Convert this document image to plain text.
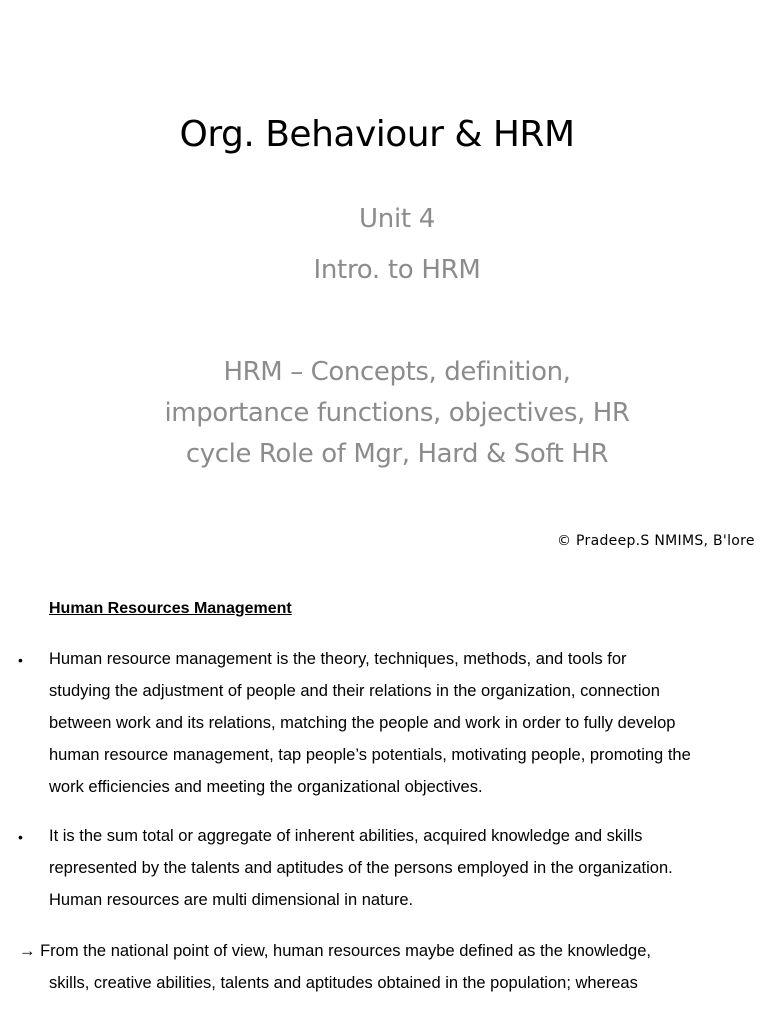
Org. Behaviour & HRM
Unit 4
Intro. to HRM
HRM – Concepts, definition,
importance functions, objectives, HR
cycle Role of Mgr, Hard & Soft HR
© Pradeep.S NMIMS, B'lore
Human Resources Management
• Human resource management is the theory, techniques, methods, and tools for
studying the adjustment of people and their relations in the organization, connection
between work and its relations, matching the people and work in order to fully develop
human resource management, tap people’s potentials, motivating people, promoting the
work efficiencies and meeting the organizational objectives.
• It is the sum total or aggregate of inherent abilities, acquired knowledge and skills
represented by the talents and aptitudes of the persons employed in the organization.
Human resources are multi dimensional in nature.
→ From the national point of view, human resources maybe defined as the knowledge,
skills, creative abilities, talents and aptitudes obtained in the population; whereas
